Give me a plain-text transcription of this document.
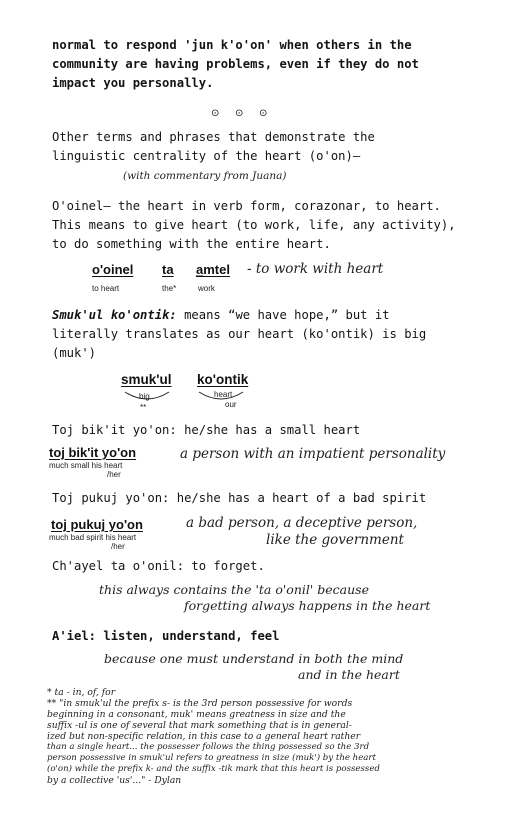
normal to respond 'jun k'o'on' when others in the
community are having problems, even if they do not
impact you personally.
⊙ ⊙ ⊙
Other terms and phrases that demonstrate the
linguistic centrality of the heart (o'on)–
(with commentary from Juana)
O'oinel– the heart in verb form, corazonar, to heart.
This means to give heart (to work, life, any activity),
to do something with the entire heart.
o'oinel ta a̲mtel - to work with heart
to heart	the*	work
Smuk'ul ko'ontik: means “we have hope,” but it
literally translates as our heart (ko'ontik) is big
(muk')
smuk'ul ko'ontik
big	heart
our
**
Toj bik'it yo'on: he/she has a small heart
toj bik'it yo'on
much small his heart
/her
a person with an impatient personality
Toj pukuj yo'on: he/she has a heart of a bad spirit
toj pukuj yo'on
much bad spirit his heart
/her
a bad person, a deceptive person,
like the government
Ch'ayel ta o'onil: to forget.
this always contains the 'ta o'onil' because
forgetting always happens in the heart
A'iel: listen, understand, feel
because one must understand in both the mind
and in the heart
* ta - in, of, for
** "in smuk'ul the prefix s- is the 3rd person possessive for words
beginning in a consonant, muk' means greatness in size and the
suffix -ul is one of several that mark something that is in general-
ized but non-specific relation, in this case to a general heart rather
than a single heart... the possesser follows the thing possessed so the 3rd
person possessive in smuk'ul refers to greatness in size (muk') by the heart
(o'on) while the prefix k- and the suffix -tik mark that this heart is possessed
by a collective 'us'..." - Dylan
